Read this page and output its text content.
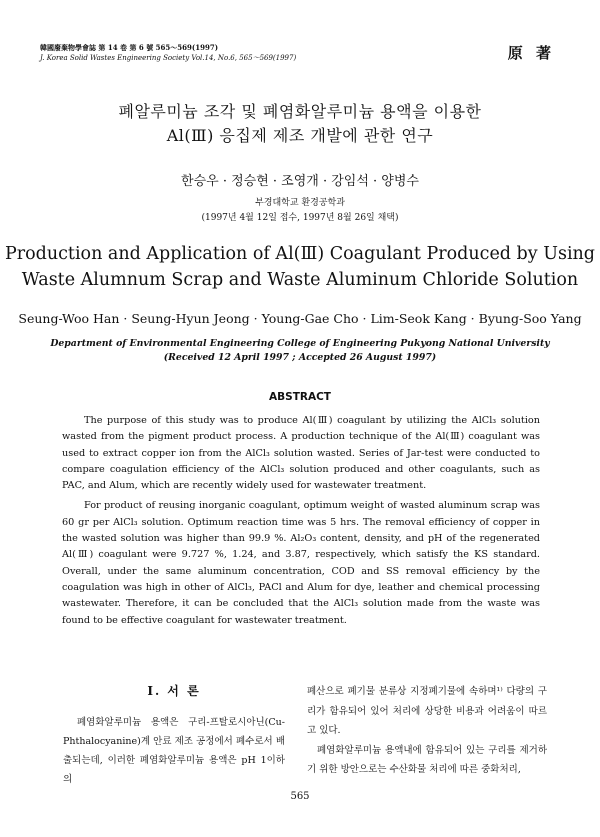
韓國廢棄物學會誌 第 14 卷 第 6 號 565～569(1997)
J. Korea Solid Wastes Engineering Society Vol.14, No.6, 565～569(1997)	原 著
폐알루미늄 조각 및 폐염화알루미늄 용액을 이용한
Al(Ⅲ) 응집제 제조 개발에 관한 연구
한승우 · 정승현 · 조영개 · 강임석 · 양병수
부경대학교 환경공학과
(1997년 4월 12일 접수, 1997년 8월 26일 채택)
Production and Application of Al(Ⅲ) Coagulant Produced by Using
Waste Alumnum Scrap and Waste Aluminum Chloride Solution
Seung-Woo Han · Seung-Hyun Jeong · Young-Gae Cho · Lim-Seok Kang · Byung-Soo Yang
Department of Environmental Engineering College of Engineering Pukyong National University
(Received 12 April 1997 ; Accepted 26 August 1997)
ABSTRACT

The purpose of this study was to produce Al(Ⅲ) coagulant by utilizing the AlCl₃ solution wasted from the pigment product process. A production technique of the Al(Ⅲ) coagulant was used to extract copper ion from the AlCl₃ solution wasted. Series of Jar-test were conducted to compare coagulation efficiency of the AlCl₃ solution produced and other coagulants, such as PAC, and Alum, which are recently widely used for wastewater treatment.

For product of reusing inorganic coagulant, optimum weight of wasted aluminum scrap was 60 gr per AlCl₃ solution. Optimum reaction time was 5 hrs. The removal efficiency of copper in the wasted solution was higher than 99.9 %. Al₂O₃ content, density, and pH of the regenerated Al(Ⅲ) coagulant were 9.727 %, 1.24, and 3.87, respectively, which satisfy the KS standard. Overall, under the same aluminum concentration, COD and SS removal efficiency by the coagulation was high in other of AlCl₃, PACl and Alum for dye, leather and chemical processing wastewater. Therefore, it can be concluded that the AlCl₃ solution made from the waste was found to be effective coagulant for wastewater treatment.

Ⅰ. 서 론

폐염화알루미늄 용액은 구리-프탈로시아닌(Cu-Phthalocyanine)계 안료 제조 공정에서 폐수로서 배출되는데, 이러한 폐염화알루미늄 용액은 pH 1이하의

폐산으로 폐기물 분류상 지정폐기물에 속하며¹⁾ 다량의 구리가 함유되어 있어 처리에 상당한 비용과 어려움이 따르고 있다.

폐염화알루미늄 용액내에 함유되어 있는 구리를 제거하기 위한 방안으로는 수산화물 처리에 따른 중화처리,

565
